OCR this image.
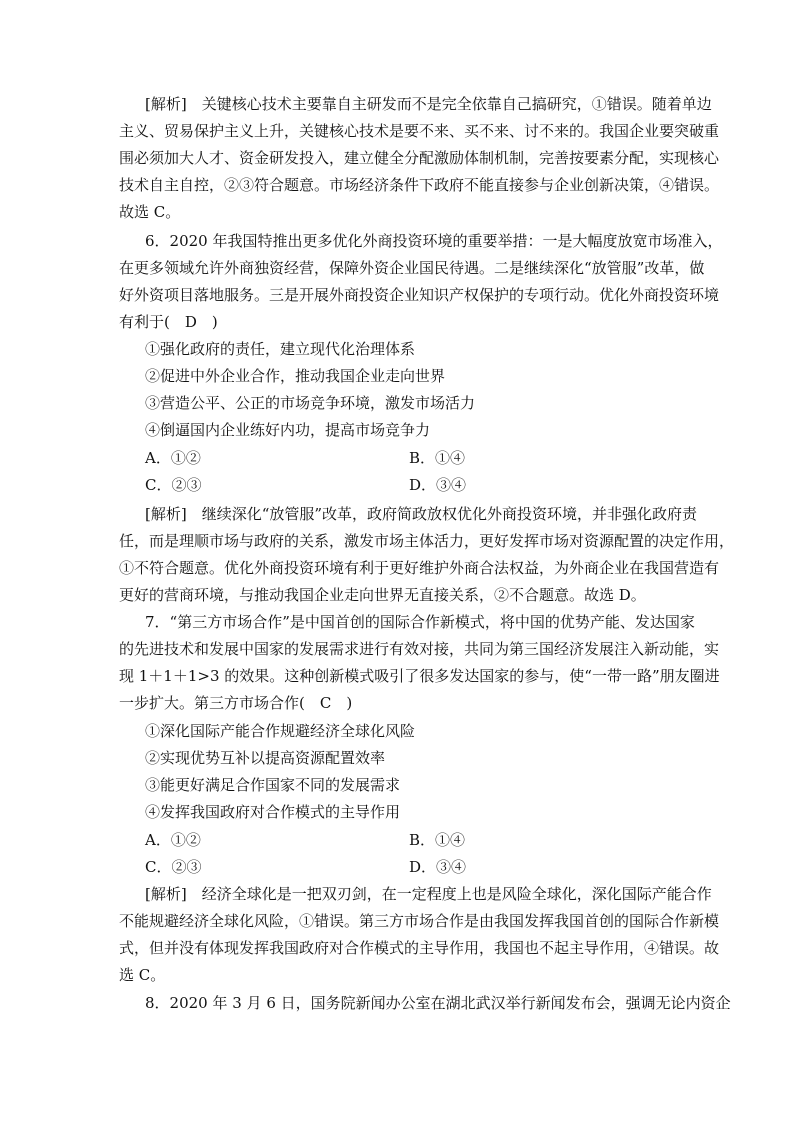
[解析]　关键核心技术主要靠自主研发而不是完全依靠自己搞研究，①错误。随着单边
主义、贸易保护主义上升，关键核心技术是要不来、买不来、讨不来的。我国企业要突破重
围必须加大人才、资金研发投入，建立健全分配激励体制机制，完善按要素分配，实现核心
技术自主自控，②③符合题意。市场经济条件下政府不能直接参与企业创新决策，④错误。
故选 C。
6．2020 年我国特推出更多优化外商投资环境的重要举措：一是大幅度放宽市场准入，
在更多领域允许外商独资经营，保障外资企业国民待遇。二是继续深化“放管服”改革，做
好外资项目落地服务。三是开展外商投资企业知识产权保护的专项行动。优化外商投资环境
有利于(　D　)
①强化政府的责任，建立现代化治理体系
②促进中外企业合作，推动我国企业走向世界
③营造公平、公正的市场竞争环境，激发市场活力
④倒逼国内企业练好内功，提高市场竞争力
A．①②	B．①④
C．②③	D．③④
[解析]　继续深化“放管服”改革，政府简政放权优化外商投资环境，并非强化政府责
任，而是理顺市场与政府的关系，激发市场主体活力，更好发挥市场对资源配置的决定作用，
①不符合题意。优化外商投资环境有利于更好维护外商合法权益，为外商企业在我国营造有
更好的营商环境，与推动我国企业走向世界无直接关系，②不合题意。故选 D。
7．“第三方市场合作”是中国首创的国际合作新模式，将中国的优势产能、发达国家
的先进技术和发展中国家的发展需求进行有效对接，共同为第三国经济发展注入新动能，实
现 1＋1＋1>3 的效果。这种创新模式吸引了很多发达国家的参与，使“一带一路”朋友圈进
一步扩大。第三方市场合作(　C　)
①深化国际产能合作规避经济全球化风险
②实现优势互补以提高资源配置效率
③能更好满足合作国家不同的发展需求
④发挥我国政府对合作模式的主导作用
A．①②	B．①④
C．②③	D．③④
[解析]　经济全球化是一把双刃剑，在一定程度上也是风险全球化，深化国际产能合作
不能规避经济全球化风险，①错误。第三方市场合作是由我国发挥我国首创的国际合作新模
式，但并没有体现发挥我国政府对合作模式的主导作用，我国也不起主导作用，④错误。故
选 C。
8．2020 年 3 月 6 日，国务院新闻办公室在湖北武汉举行新闻发布会，强调无论内资企
